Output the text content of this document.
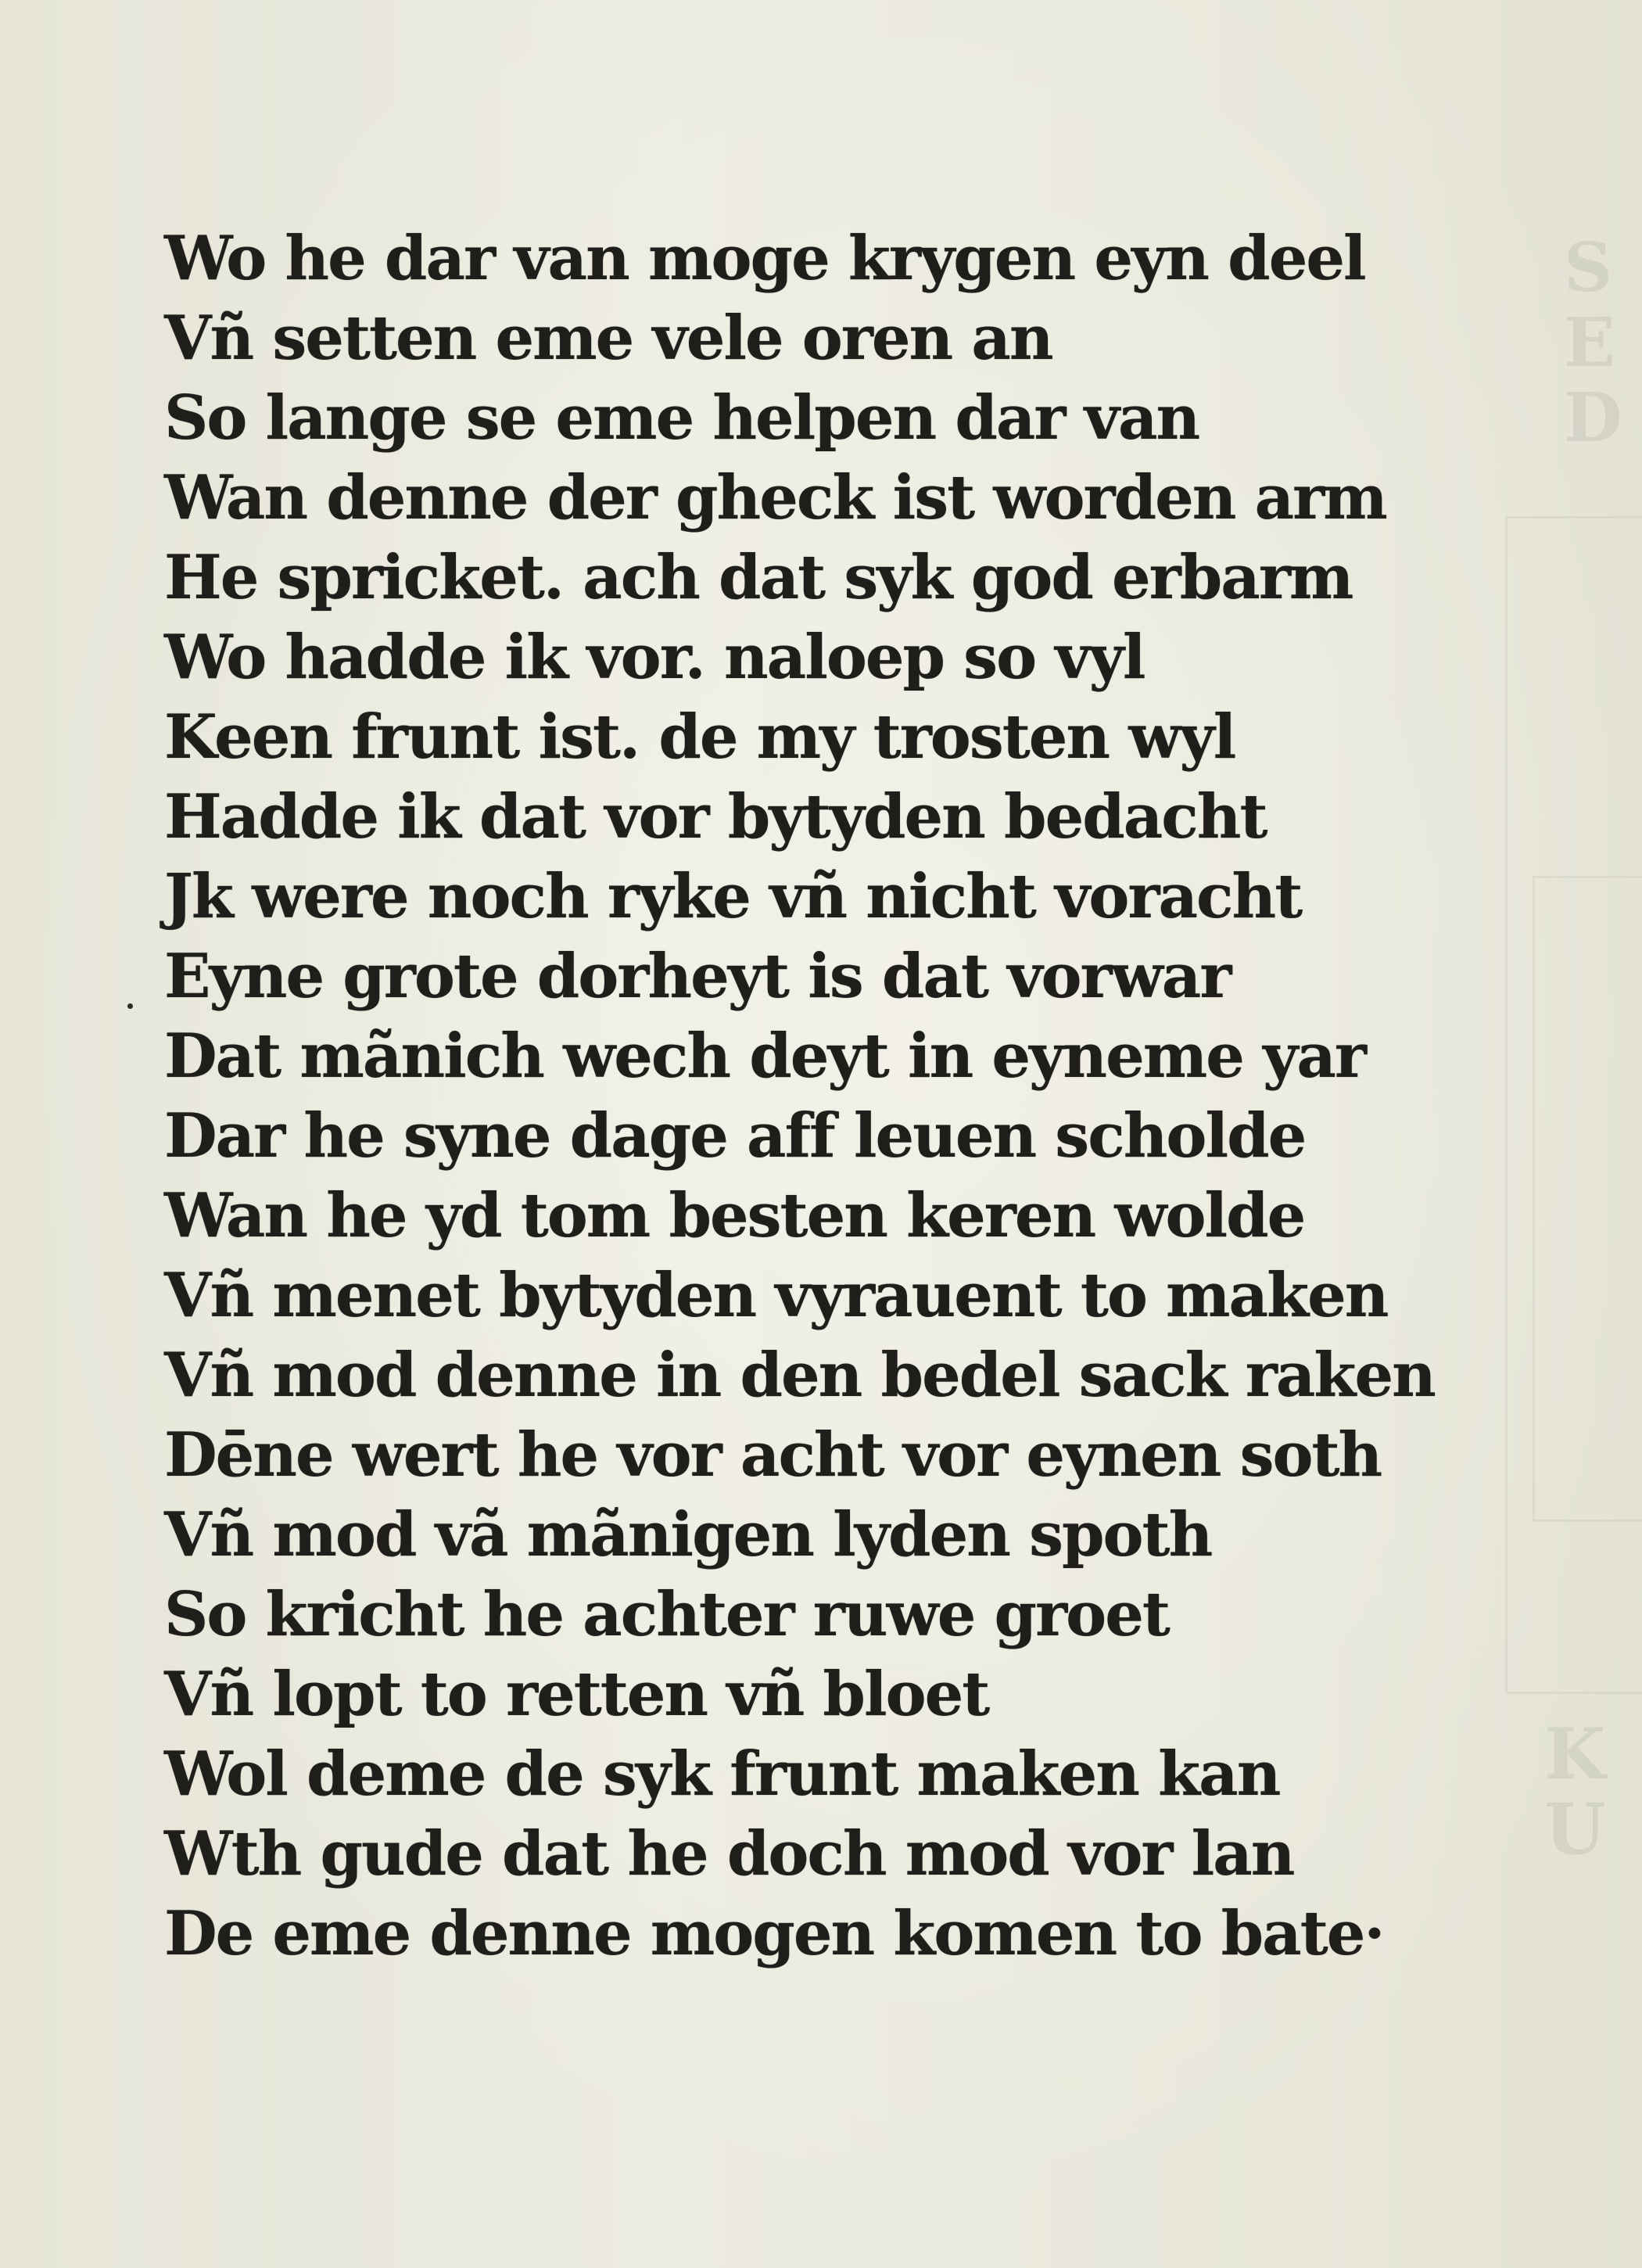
S
E
D
K
U
Wo he dar van moge krygen eyn deel
Vñ setten eme vele oren an
So lange se eme helpen dar van
Wan denne der gheck ist worden arm
He spricket. ach dat syk god erbarm
Wo hadde ik vor. naloep so vyl
Keen frunt ist. de my trosten wyl
Hadde ik dat vor bytyden bedacht
Jk were noch ryke vñ nicht voracht
Eyne grote dorheyt is dat vorwar
Dat mãnich wech deyt in eyneme yar
Dar he syne dage aff leuen scholde
Wan he yd tom besten keren wolde
Vñ menet bytyden vyrauent to maken
Vñ mod denne in den bedel sack raken
Dēne wert he vor acht vor eynen soth
Vñ mod vã mãnigen lyden spoth
So kricht he achter ruwe groet
Vñ lopt to retten vñ bloet
Wol deme de syk frunt maken kan
Wth gude dat he doch mod vor lan
De eme denne mogen komen to bate·
